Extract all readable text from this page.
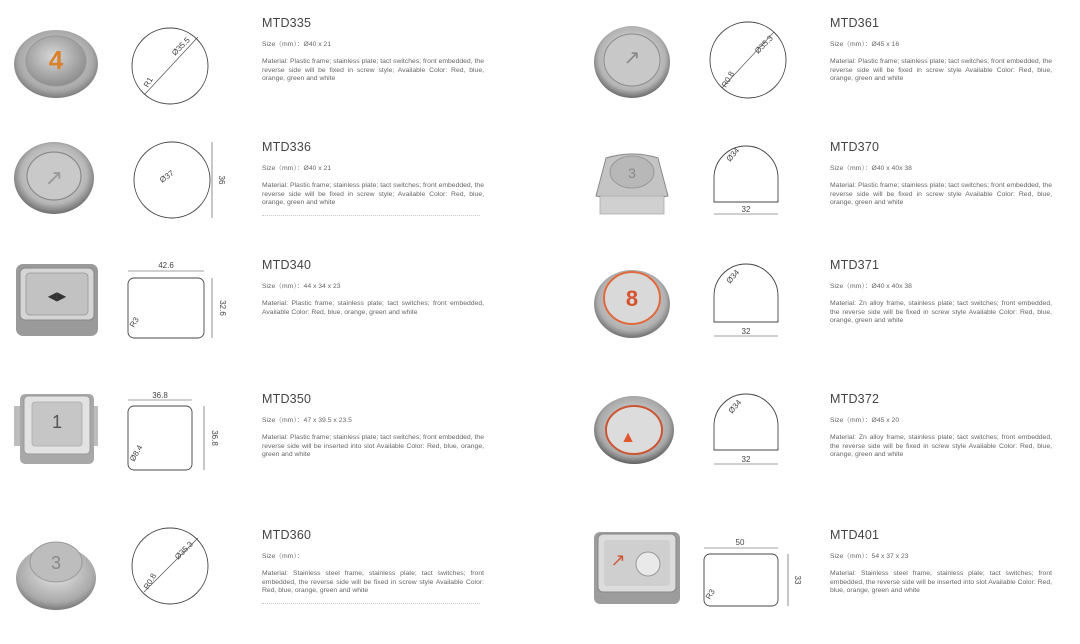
4	Ø35.5
R1
MTD335
Size（mm）：Ø40 x 21
Material: Plastic frame; stainless plate; tact switches; front embedded, the reverse side will be fixed in screw style; Available Color: Red, blue, orange, green and white
↗	Ø37	36
MTD336
Size（mm）：Ø40 x 21
Material: Plastic frame; stainless plate; tact switches; front embedded, the reverse side will be fixed in screw style; Available Color: Red, blue, orange, green and white
◀▶
42.6
32.6
R3
MTD340
Size（mm）：44 x 34 x 23
Material: Plastic frame; stainless plate; tact switches; front embedded, Available Color: Red, blue, orange, green and white
1
36.8
36.8
Ø8.4
MTD350
Size（mm）：47 x 39.5 x 23.5
Material: Plastic frame; stainless plate; tact switches; front embedded, the reverse side will be inserted into slot Available Color: Red, blue, orange, green and white
3
Ø35.3
R0.8
MTD360
Size（mm）：
Material: Stainless steel frame, stainless plate; tact switches; front embedded, the reverse side will be fixed in screw style Available Color: Red, blue, orange, green and white
↗
Ø35.3
R0.8
MTD361
Size（mm）：Ø45 x 16
Material: Plastic frame; stainless plate; tact switches; front embedded, the reverse side will be fixed in screw style Available Color: Red, blue, orange, green and white
3
Ø34
32
MTD370
Size（mm）：Ø40 x 40x 38
Material: Plastic frame; stainless plate; tact switches; front embedded, the reverse side will be fixed in screw style Available Color: Red, blue, orange, green and white
8
Ø34
32
MTD371
Size（mm）：Ø40 x 40x 38
Material: Zn alloy frame, stainless plate; tact switches; front embedded, the reverse side will be fixed in screw style Available Color: Red, blue, orange, green and white
▲
Ø34
32
MTD372
Size（mm）：Ø45 x 20
Material: Zn alloy frame, stainless plate; tact switches; front embedded, the reverse side will be fixed in screw style Available Color: Red, blue, orange, green and white
↗
50
33
R3
MTD401
Size（mm）：54 x 37 x 23
Material: Stainless steel frame, stainless plate; tact switches; front embedded, the reverse side will be inserted into slot Available Color: Red, blue, orange, green and white
